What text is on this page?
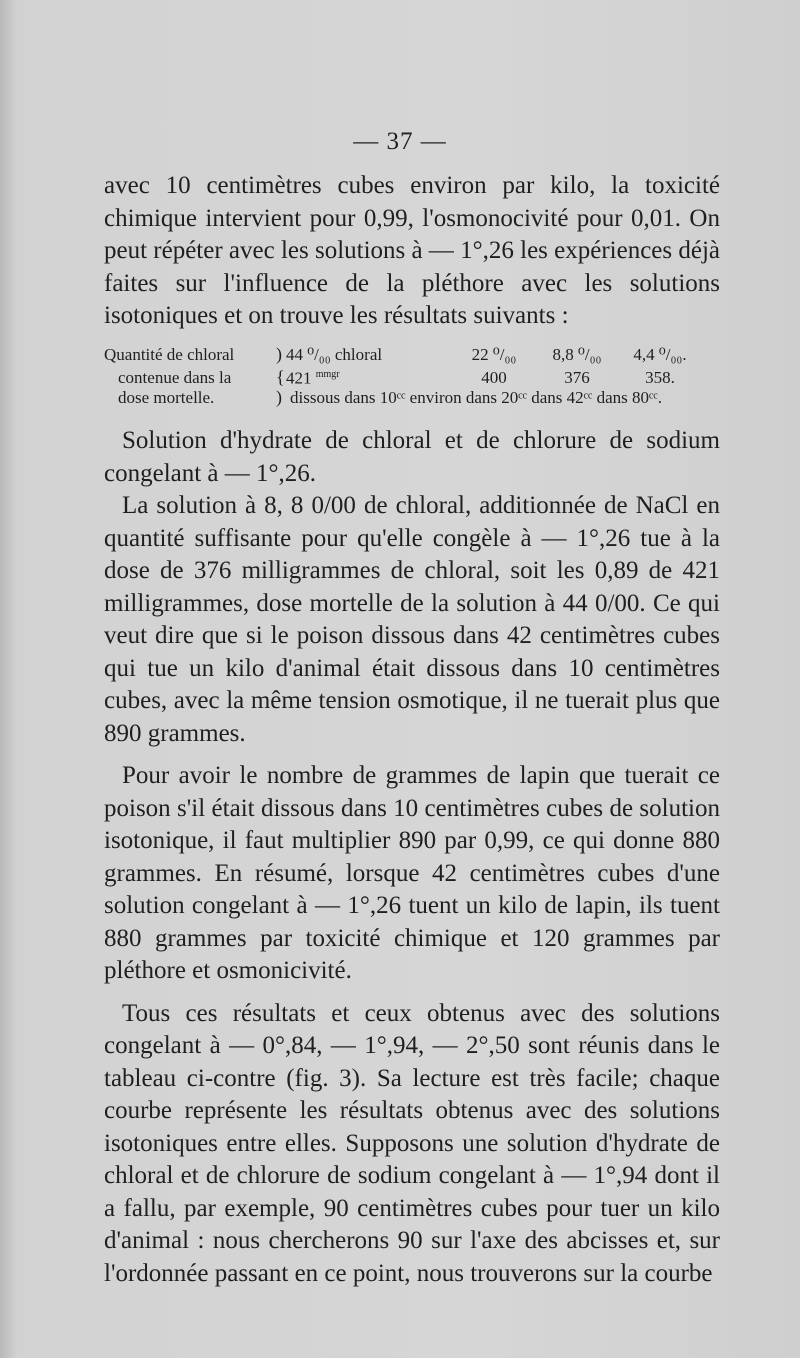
— 37 —

avec 10 centimètres cubes environ par kilo, la toxicité chimique intervient pour 0,99, l'osmonocivité pour 0,01. On peut répéter avec les solutions à — 1°,26 les expériences déjà faites sur l'influence de la pléthore avec les solutions isotoniques et on trouve les résultats suivants :

Quantité de chloral	) 44 ⁰/₀₀ chloral	22 ⁰/₀₀	8,8 ⁰/₀₀	4,4 ⁰/₀₀.
contenue dans la	{ 421 $^{mmgr}$	400	376	358.
dose mortelle.	) dissous dans 10ᶜᶜ environ dans 20ᶜᶜ dans 42ᶜᶜ dans 80ᶜᶜ.

Solution d'hydrate de chloral et de chlorure de sodium congelant à — 1°,26.

La solution à 8, 8 0/00 de chloral, additionnée de NaCl en quantité suffisante pour qu'elle congèle à — 1°,26 tue à la dose de 376 milligrammes de chloral, soit les 0,89 de 421 milligrammes, dose mortelle de la solution à 44 0/00. Ce qui veut dire que si le poison dissous dans 42 centimètres cubes qui tue un kilo d'animal était dissous dans 10 centimètres cubes, avec la même tension osmotique, il ne tuerait plus que 890 grammes.

Pour avoir le nombre de grammes de lapin que tuerait ce poison s'il était dissous dans 10 centimètres cubes de solution isotonique, il faut multiplier 890 par 0,99, ce qui donne 880 grammes. En résumé, lorsque 42 centimètres cubes d'une solution congelant à — 1°,26 tuent un kilo de lapin, ils tuent 880 grammes par toxicité chimique et 120 grammes par pléthore et osmonicivité.

Tous ces résultats et ceux obtenus avec des solutions congelant à — 0°,84, — 1°,94, — 2°,50 sont réunis dans le tableau ci-contre (fig. 3). Sa lecture est très facile; chaque courbe représente les résultats obtenus avec des solutions isotoniques entre elles. Supposons une solution d'hydrate de chloral et de chlorure de sodium congelant à — 1°,94 dont il a fallu, par exemple, 90 centimètres cubes pour tuer un kilo d'animal : nous chercherons 90 sur l'axe des abcisses et, sur l'ordonnée passant en ce point, nous trouverons sur la courbe
